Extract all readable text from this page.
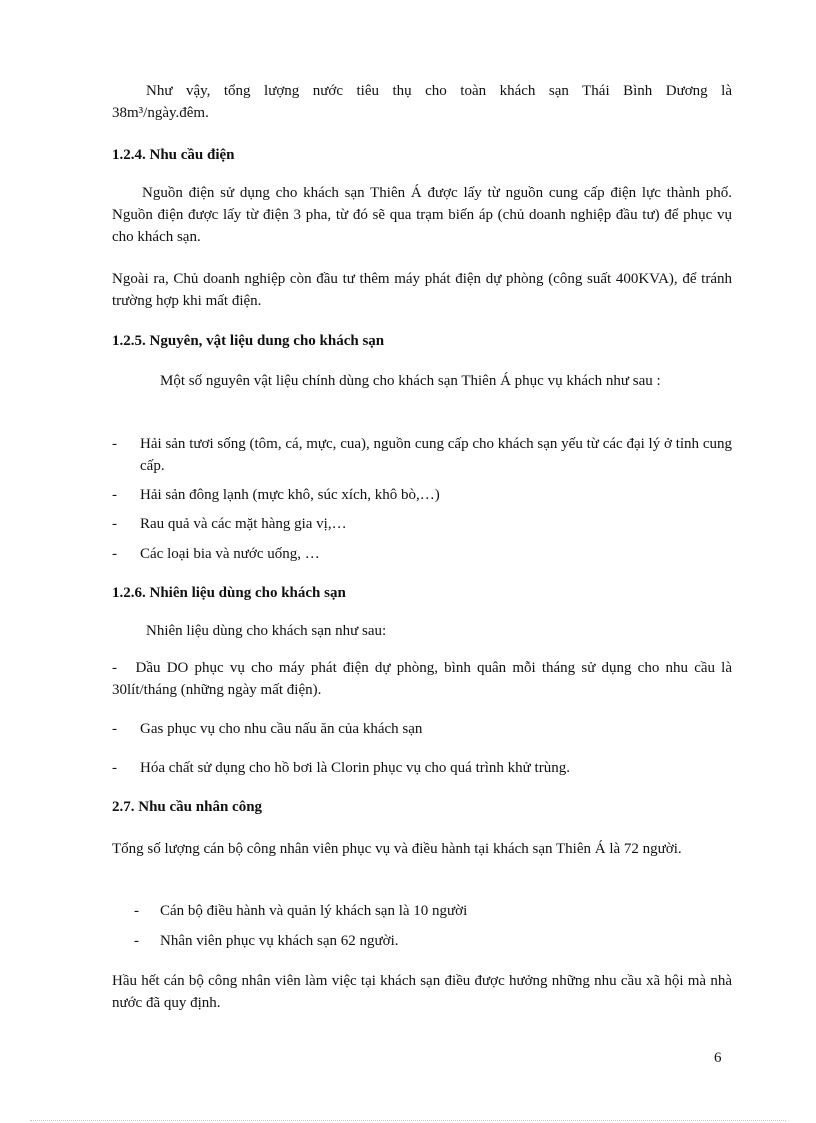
Như vậy, tổng lượng nước tiêu thụ cho toàn khách sạn Thái Bình Dương là

38m³/ngày.đêm.

1.2.4. Nhu cầu điện

Nguồn điện sử dụng cho khách sạn Thiên Á được lấy từ nguồn cung cấp điện lực thành phố. Nguồn điện được lấy từ điện 3 pha, từ đó sẽ qua trạm biến áp (chủ doanh nghiệp đầu tư) để phục vụ cho khách sạn.

Ngoài ra, Chủ doanh nghiệp còn đầu tư thêm máy phát điện dự phòng (công suất 400KVA), để tránh trường hợp khi mất điện.

1.2.5. Nguyên, vật liệu dung cho khách sạn

Một số nguyên vật liệu chính dùng cho khách sạn Thiên Á phục vụ khách như sau :

- Hải sản tươi sống (tôm, cá, mực, cua), nguồn cung cấp cho khách sạn yếu từ các đại lý ở tỉnh cung cấp.
- Hải sản đông lạnh (mực khô, súc xích, khô bò,…)
- Rau quả và các mặt hàng gia vị,…
- Các loại bia và nước uống, …
1.2.6. Nhiên liệu dùng cho khách sạn

Nhiên liệu dùng cho khách sạn như sau:

- Dầu DO phục vụ cho máy phát điện dự phòng, bình quân mỗi tháng sử dụng cho nhu cầu là 30lít/tháng (những ngày mất điện).

- Gas phục vụ cho nhu cầu nấu ăn của khách sạn
- Hóa chất sử dụng cho hồ bơi là Clorin phục vụ cho quá trình khử trùng.
2.7. Nhu cầu nhân công

Tổng số lượng cán bộ công nhân viên phục vụ và điều hành tại khách sạn Thiên Á là 72 người.

- Cán bộ điều hành và quản lý khách sạn là 10 người
- Nhân viên phục vụ khách sạn 62 người.

Hầu hết cán bộ công nhân viên làm việc tại khách sạn điều được hưởng những nhu cầu xã hội mà nhà nước đã quy định.

6
